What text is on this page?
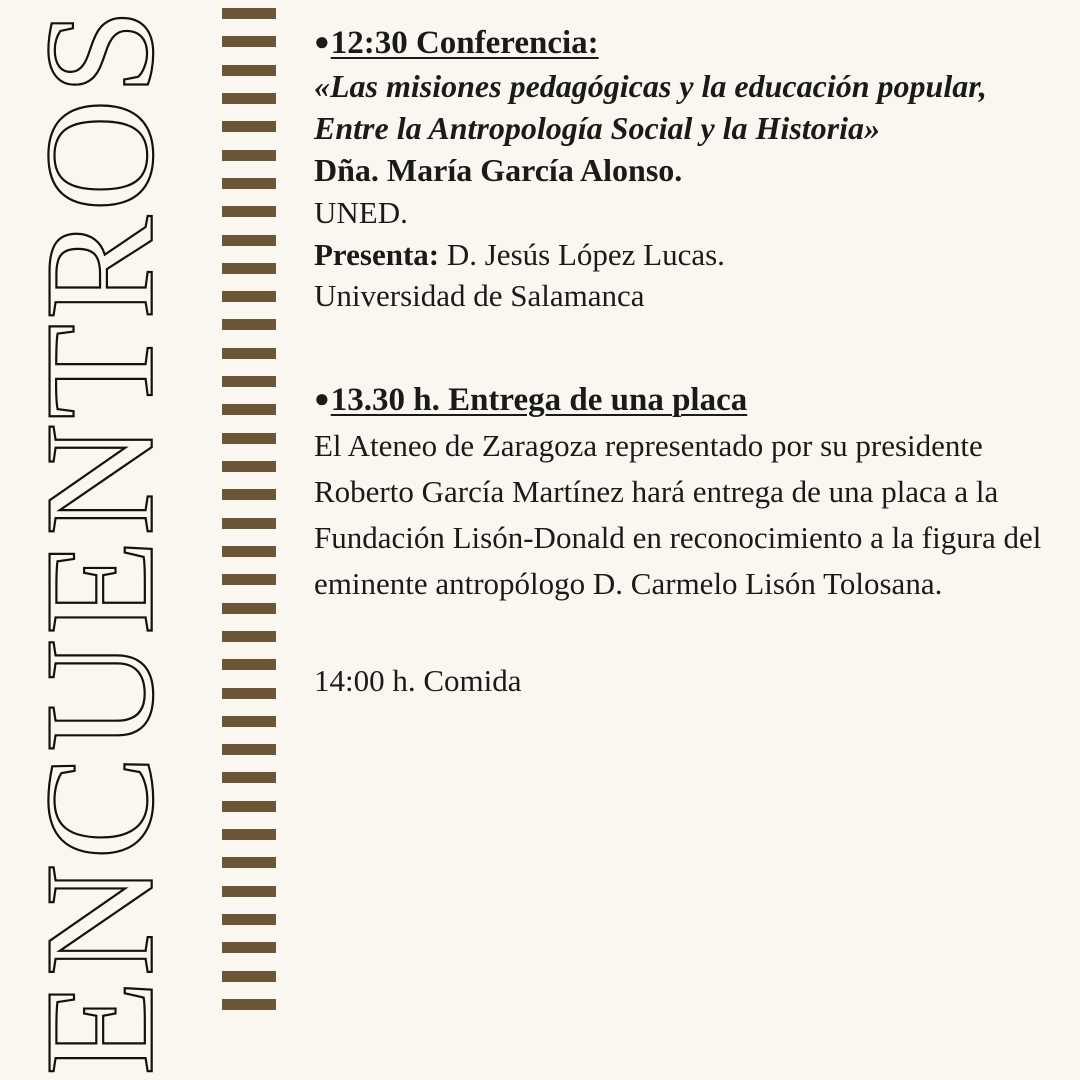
ENCUENTROS	●12:30 Conferencia:

«Las misiones pedagógicas y la educación popular, Entre la Antropología Social y la Historia»

Dña. María García Alonso.

UNED.

Presenta: D. Jesús López Lucas.

Universidad de Salamanca

●13.30 h. Entrega de una placa

El Ateneo de Zaragoza representado por su presidente Roberto García Martínez hará entrega de una placa a la Fundación Lisón-Donald en reconocimiento a la figura del eminente antropólogo D. Carmelo Lisón Tolosana.

14:00 h. Comida
